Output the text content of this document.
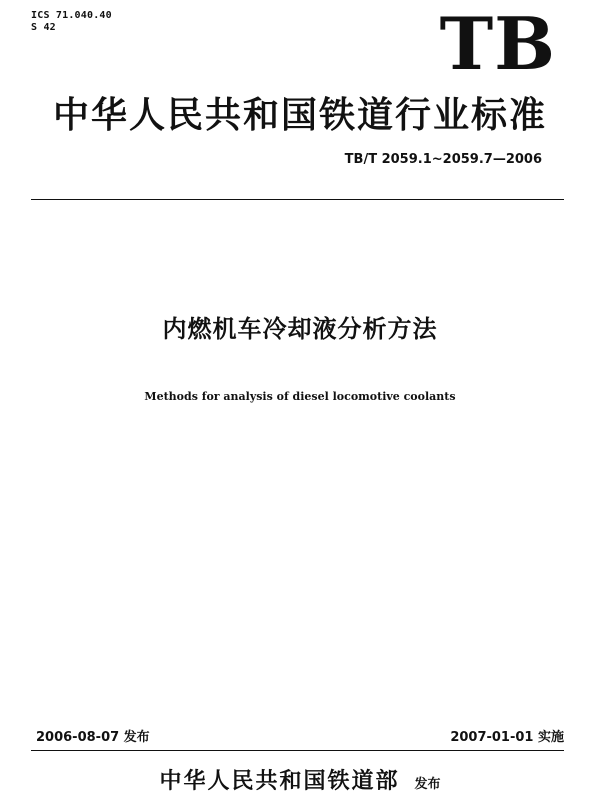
ICS 71.040.40
S 42	TB
中华人民共和国铁道行业标准
TB/T 2059.1~2059.7—2006
内燃机车冷却液分析方法
Methods for analysis of diesel locomotive coolants
2006-08-07 发布	2007-01-01 实施
中华人民共和国铁道部 发布
